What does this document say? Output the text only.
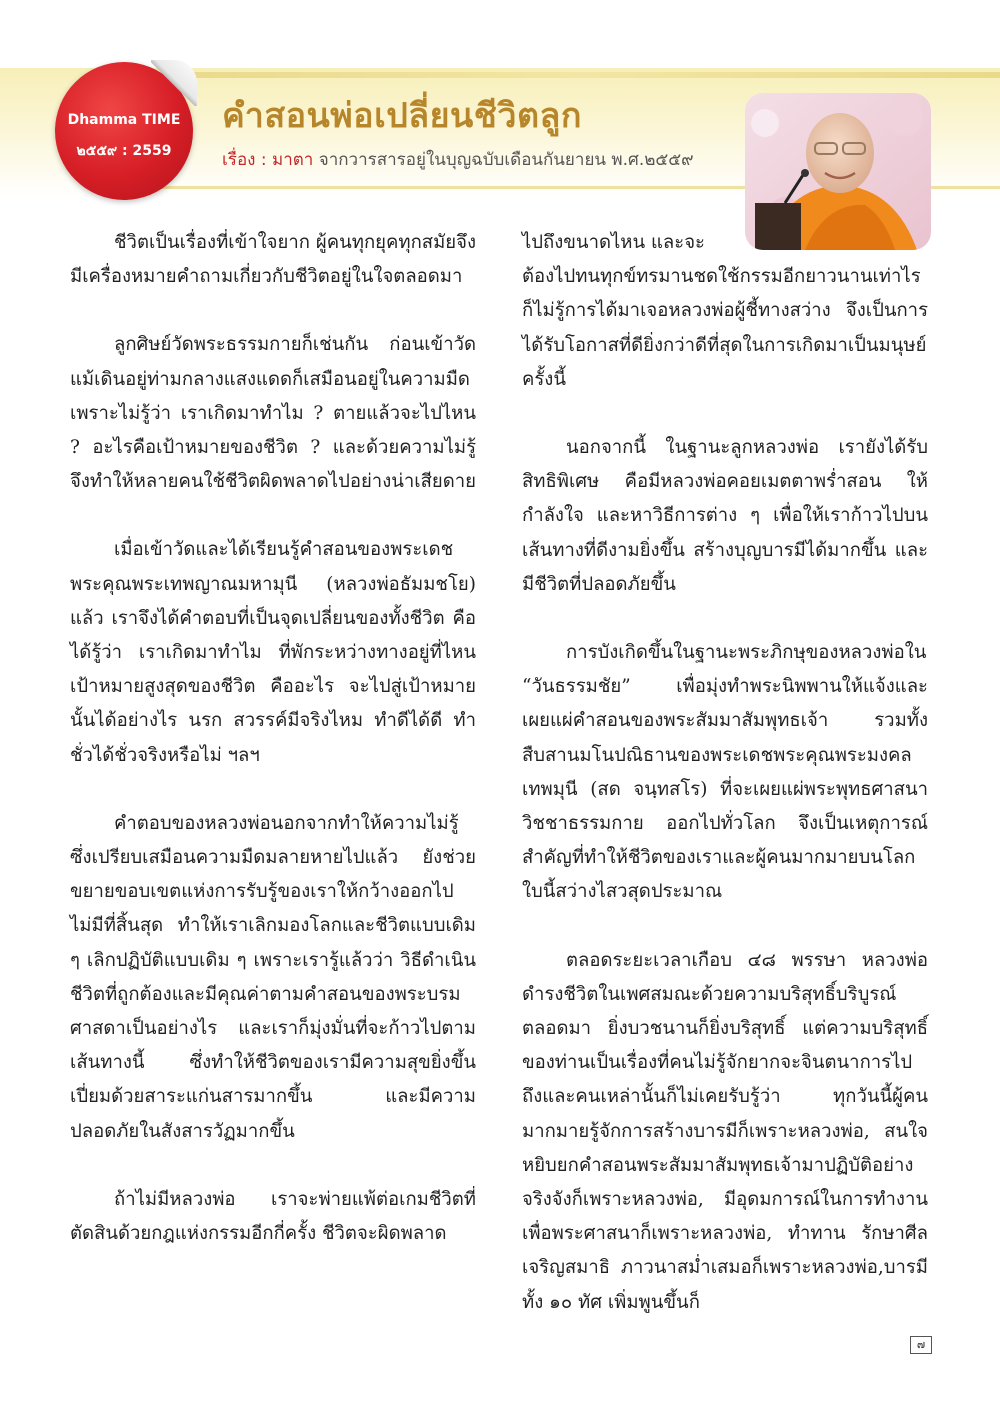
Dhamma TIME
๒๕๕๙ : 2559
คำสอนพ่อเปลี่ยนชีวิตลูก
เรื่อง : มาตา จากวารสารอยู่ในบุญฉบับเดือนกันยายน พ.ศ.๒๕๕๙

ชีวิตเป็นเรื่องที่เข้าใจยาก ผู้คนทุกยุคทุกสมัยจึงมีเครื่องหมายคำถามเกี่ยวกับชีวิตอยู่ในใจตลอดมา

ลูกศิษย์วัดพระธรรมกายก็เช่นกัน ก่อนเข้าวัด แม้เดินอยู่ท่ามกลางแสงแดดก็เสมือนอยู่ในความมืด เพราะไม่รู้ว่า เราเกิดมาทำไม ? ตายแล้วจะไปไหน ? อะไรคือเป้าหมายของชีวิต ? และด้วยความไม่รู้จึงทำให้หลายคนใช้ชีวิตผิดพลาดไปอย่างน่าเสียดาย

เมื่อเข้าวัดและได้เรียนรู้คำสอนของพระเดชพระคุณพระเทพญาณมหามุนี (หลวงพ่อธัมมชโย) แล้ว เราจึงได้คำตอบที่เป็นจุดเปลี่ยนของทั้งชีวิต คือได้รู้ว่า เราเกิดมาทำไม ที่พักระหว่างทางอยู่ที่ไหน เป้าหมายสูงสุดของชีวิต คืออะไร จะไปสู่เป้าหมายนั้นได้อย่างไร นรก สวรรค์มีจริงไหม ทำดีได้ดี ทำชั่วได้ชั่วจริงหรือไม่ ฯลฯ

คำตอบของหลวงพ่อนอกจากทำให้ความไม่รู้ซึ่งเปรียบเสมือนความมืดมลายหายไปแล้ว ยังช่วยขยายขอบเขตแห่งการรับรู้ของเราให้กว้างออกไปไม่มีที่สิ้นสุด ทำให้เราเลิกมองโลกและชีวิตแบบเดิม ๆ เลิกปฏิบัติแบบเดิม ๆ เพราะเรารู้แล้วว่า วิธีดำเนินชีวิตที่ถูกต้องและมีคุณค่าตามคำสอนของพระบรมศาสดาเป็นอย่างไร และเราก็มุ่งมั่นที่จะก้าวไปตามเส้นทางนี้ ซึ่งทำให้ชีวิตของเรามีความสุขยิ่งขึ้นเปี่ยมด้วยสาระแก่นสารมากขึ้น และมีความปลอดภัยในสังสารวัฏมากขึ้น

ถ้าไม่มีหลวงพ่อ เราจะพ่ายแพ้ต่อเกมชีวิตที่ตัดสินด้วยกฎแห่งกรรมอีกกี่ครั้ง ชีวิตจะผิดพลาด

ไปถึงขนาดไหน และจะ

ต้องไปทนทุกข์ทรมานชดใช้กรรมอีกยาวนานเท่าไร ก็ไม่รู้การได้มาเจอหลวงพ่อผู้ชี้ทางสว่าง จึงเป็นการได้รับโอกาสที่ดียิ่งกว่าดีที่สุดในการเกิดมาเป็นมนุษย์ครั้งนี้

นอกจากนี้ ในฐานะลูกหลวงพ่อ เรายังได้รับสิทธิพิเศษ คือมีหลวงพ่อคอยเมตตาพร่ำสอน ให้กำลังใจ และหาวิธีการต่าง ๆ เพื่อให้เราก้าวไปบนเส้นทางที่ดีงามยิ่งขึ้น สร้างบุญบารมีได้มากขึ้น และมีชีวิตที่ปลอดภัยขึ้น

การบังเกิดขึ้นในฐานะพระภิกษุของหลวงพ่อใน “วันธรรมชัย” เพื่อมุ่งทำพระนิพพานให้แจ้งและเผยแผ่คำสอนของพระสัมมาสัมพุทธเจ้า รวมทั้งสืบสานมโนปณิธานของพระเดชพระคุณพระมงคลเทพมุนี (สด จนฺทสโร) ที่จะเผยแผ่พระพุทธศาสนาวิชชาธรรมกาย ออกไปทั่วโลก จึงเป็นเหตุการณ์สำคัญที่ทำให้ชีวิตของเราและผู้คนมากมายบนโลกใบนี้สว่างไสวสุดประมาณ

ตลอดระยะเวลาเกือบ ๔๘ พรรษา หลวงพ่อดำรงชีวิตในเพศสมณะด้วยความบริสุทธิ์บริบูรณ์ตลอดมา ยิ่งบวชนานก็ยิ่งบริสุทธิ์ แต่ความบริสุทธิ์ของท่านเป็นเรื่องที่คนไม่รู้จักยากจะจินตนาการไปถึงและคนเหล่านั้นก็ไม่เคยรับรู้ว่า ทุกวันนี้ผู้คนมากมายรู้จักการสร้างบารมีก็เพราะหลวงพ่อ, สนใจหยิบยกคำสอนพระสัมมาสัมพุทธเจ้ามาปฏิบัติอย่างจริงจังก็เพราะหลวงพ่อ, มีอุดมการณ์ในการทำงานเพื่อพระศาสนาก็เพราะหลวงพ่อ, ทำทาน รักษาศีลเจริญสมาธิ ภาวนาสม่ำเสมอก็เพราะหลวงพ่อ,บารมีทั้ง ๑๐ ทัศ เพิ่มพูนขึ้นก็

๗
